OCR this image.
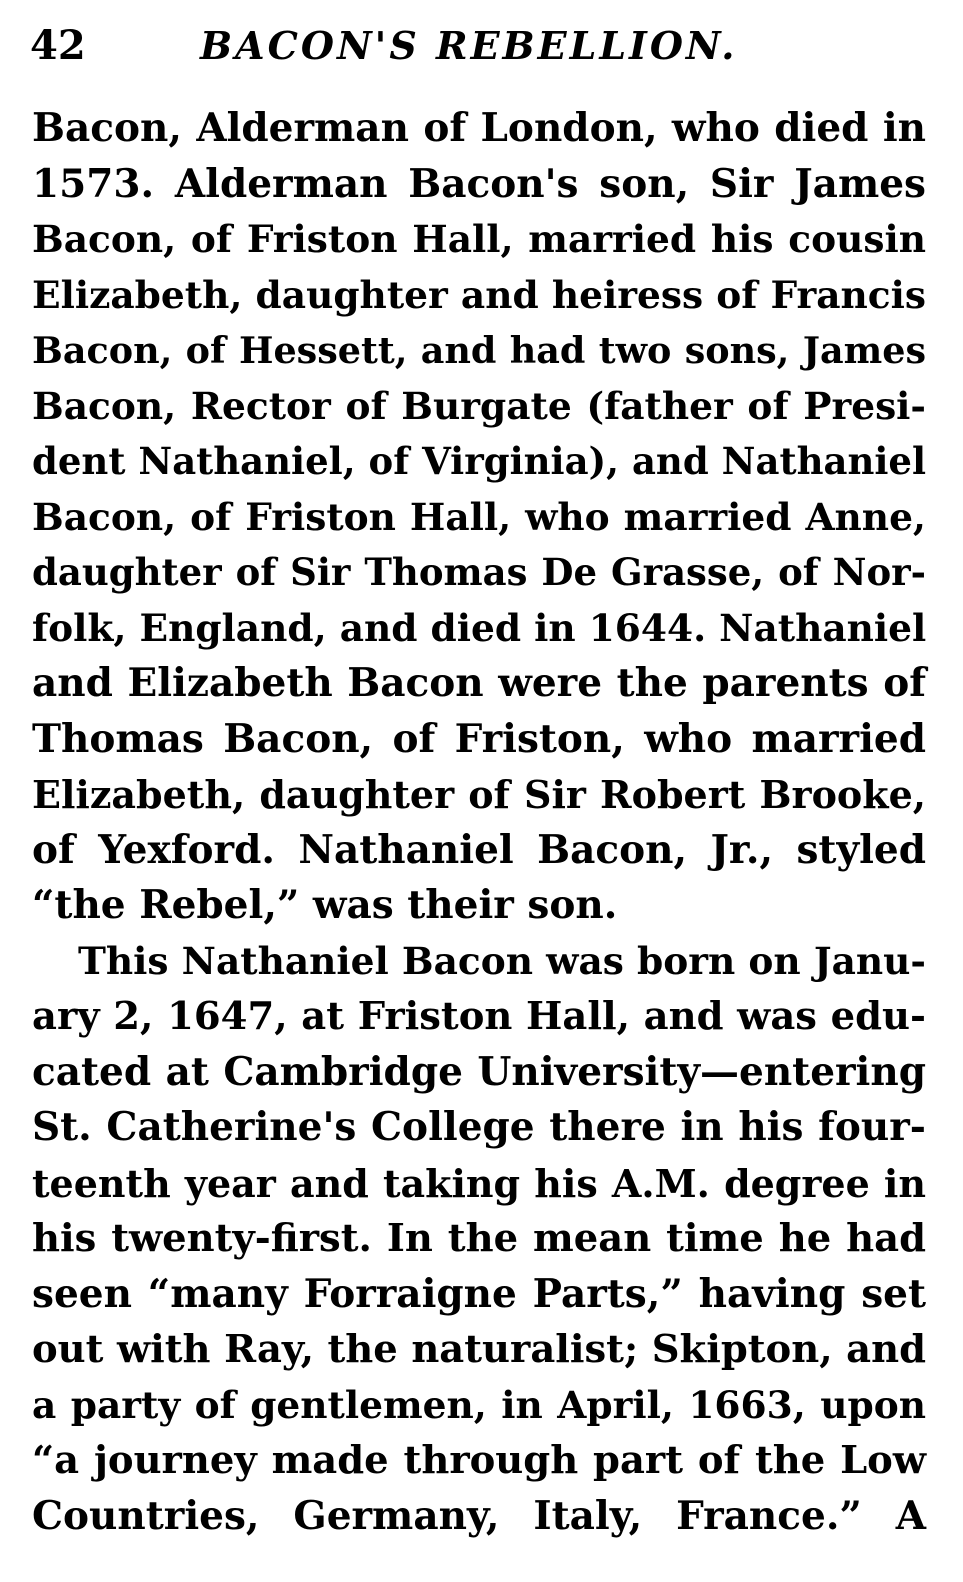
42	BACON'S REBELLION.
Bacon, Alderman of London, who died in
1573. Alderman Bacon's son, Sir James
Bacon, of Friston Hall, married his cousin
Elizabeth, daughter and heiress of Francis
Bacon, of Hessett, and had two sons, James
Bacon, Rector of Burgate (father of Presi-
dent Nathaniel, of Virginia), and Nathaniel
Bacon, of Friston Hall, who married Anne,
daughter of Sir Thomas De Grasse, of Nor-
folk, England, and died in 1644. Nathaniel
and Elizabeth Bacon were the parents of
Thomas Bacon, of Friston, who married
Elizabeth, daughter of Sir Robert Brooke,
of Yexford. Nathaniel Bacon, Jr., styled
“the Rebel,” was their son.
This Nathaniel Bacon was born on Janu-
ary 2, 1647, at Friston Hall, and was edu-
cated at Cambridge University—entering
St. Catherine's College there in his four-
teenth year and taking his A.M. degree in
his twenty-first. In the mean time he had
seen “many Forraigne Parts,” having set
out with Ray, the naturalist; Skipton, and
a party of gentlemen, in April, 1663, upon
“a journey made through part of the Low
Countries, Germany, Italy, France.” A
